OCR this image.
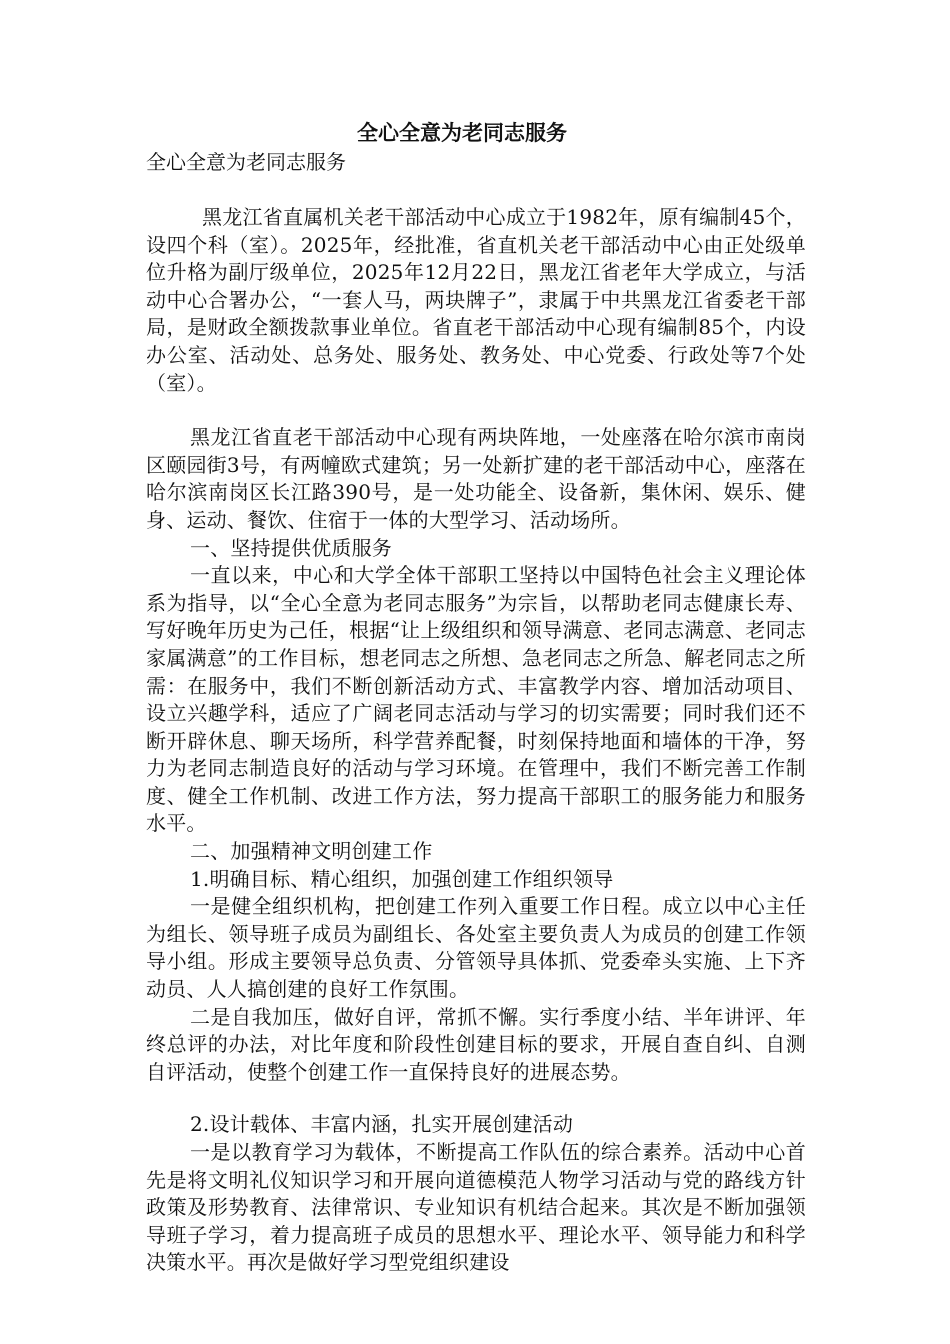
全心全意为老同志服务

全心全意为老同志服务

黑龙江省直属机关老干部活动中心成立于1982年，原有编制45个，设四个科（室）。2025年，经批准，省直机关老干部活动中心由正处级单位升格为副厅级单位，2025年12月22日，黑龙江省老年大学成立，与活动中心合署办公，“一套人马，两块牌子”，隶属于中共黑龙江省委老干部局，是财政全额拨款事业单位。省直老干部活动中心现有编制85个，内设办公室、活动处、总务处、服务处、教务处、中心党委、行政处等7个处（室）。

黑龙江省直老干部活动中心现有两块阵地，一处座落在哈尔滨市南岗区颐园街3号，有两幢欧式建筑；另一处新扩建的老干部活动中心，座落在哈尔滨南岗区长江路390号，是一处功能全、设备新，集休闲、娱乐、健身、运动、餐饮、住宿于一体的大型学习、活动场所。

一、坚持提供优质服务

一直以来，中心和大学全体干部职工坚持以中国特色社会主义理论体系为指导，以“全心全意为老同志服务”为宗旨，以帮助老同志健康长寿、写好晚年历史为己任，根据“让上级组织和领导满意、老同志满意、老同志家属满意”的工作目标，想老同志之所想、急老同志之所急、解老同志之所需：在服务中，我们不断创新活动方式、丰富教学内容、增加活动项目、设立兴趣学科，适应了广阔老同志活动与学习的切实需要；同时我们还不断开辟休息、聊天场所，科学营养配餐，时刻保持地面和墙体的干净，努力为老同志制造良好的活动与学习环境。在管理中，我们不断完善工作制度、健全工作机制、改进工作方法，努力提高干部职工的服务能力和服务水平。

二、加强精神文明创建工作

1.明确目标、精心组织，加强创建工作组织领导

一是健全组织机构，把创建工作列入重要工作日程。成立以中心主任为组长、领导班子成员为副组长、各处室主要负责人为成员的创建工作领导小组。形成主要领导总负责、分管领导具体抓、党委牵头实施、上下齐动员、人人搞创建的良好工作氛围。

二是自我加压，做好自评，常抓不懈。实行季度小结、半年讲评、年终总评的办法，对比年度和阶段性创建目标的要求，开展自查自纠、自测自评活动，使整个创建工作一直保持良好的进展态势。

2.设计载体、丰富内涵，扎实开展创建活动

一是以教育学习为载体，不断提高工作队伍的综合素养。活动中心首先是将文明礼仪知识学习和开展向道德模范人物学习活动与党的路线方针政策及形势教育、法律常识、专业知识有机结合起来。其次是不断加强领导班子学习，着力提高班子成员的思想水平、理论水平、领导能力和科学决策水平。再次是做好学习型党组织建设
